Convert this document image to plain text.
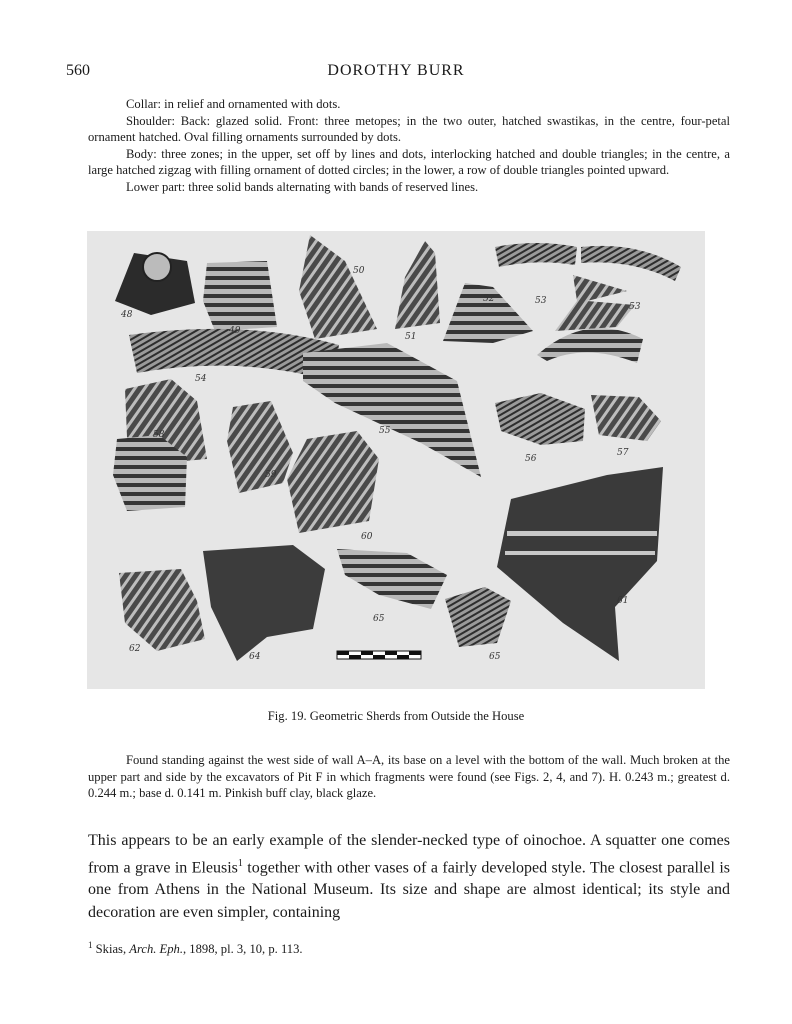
560	DOROTHY BURR

Collar: in relief and ornamented with dots.

Shoulder: Back: glazed solid. Front: three metopes; in the two outer, hatched swastikas, in the centre, four-petal ornament hatched. Oval filling ornaments surrounded by dots.

Body: three zones; in the upper, set off by lines and dots, interlocking hatched and double triangles; in the centre, a large hatched zigzag with filling ornament of dotted circles; in the lower, a row of double triangles pointed upward.

Lower part: three solid bands alternating with bands of reserved lines.

48
49
50
51
52	53
53
54
55
58
59
56
57
60
61
62
64
65
65
Fig. 19. Geometric Sherds from Outside the House

Found standing against the west side of wall A–A, its base on a level with the bottom of the wall. Much broken at the upper part and side by the excavators of Pit F in which fragments were found (see Figs. 2, 4, and 7). H. 0.243 m.; greatest d. 0.244 m.; base d. 0.141 m. Pinkish buff clay, black glaze.

This appears to be an early example of the slender-necked type of oinochoe. A squatter one comes from a grave in Eleusis$^1$ together with other vases of a fairly developed style. The closest parallel is one from Athens in the National Museum. Its size and shape are almost identical; its style and decoration are even simpler, containing

$^1$ Skias, Arch. Eph., 1898, pl. 3, 10, p. 113.
